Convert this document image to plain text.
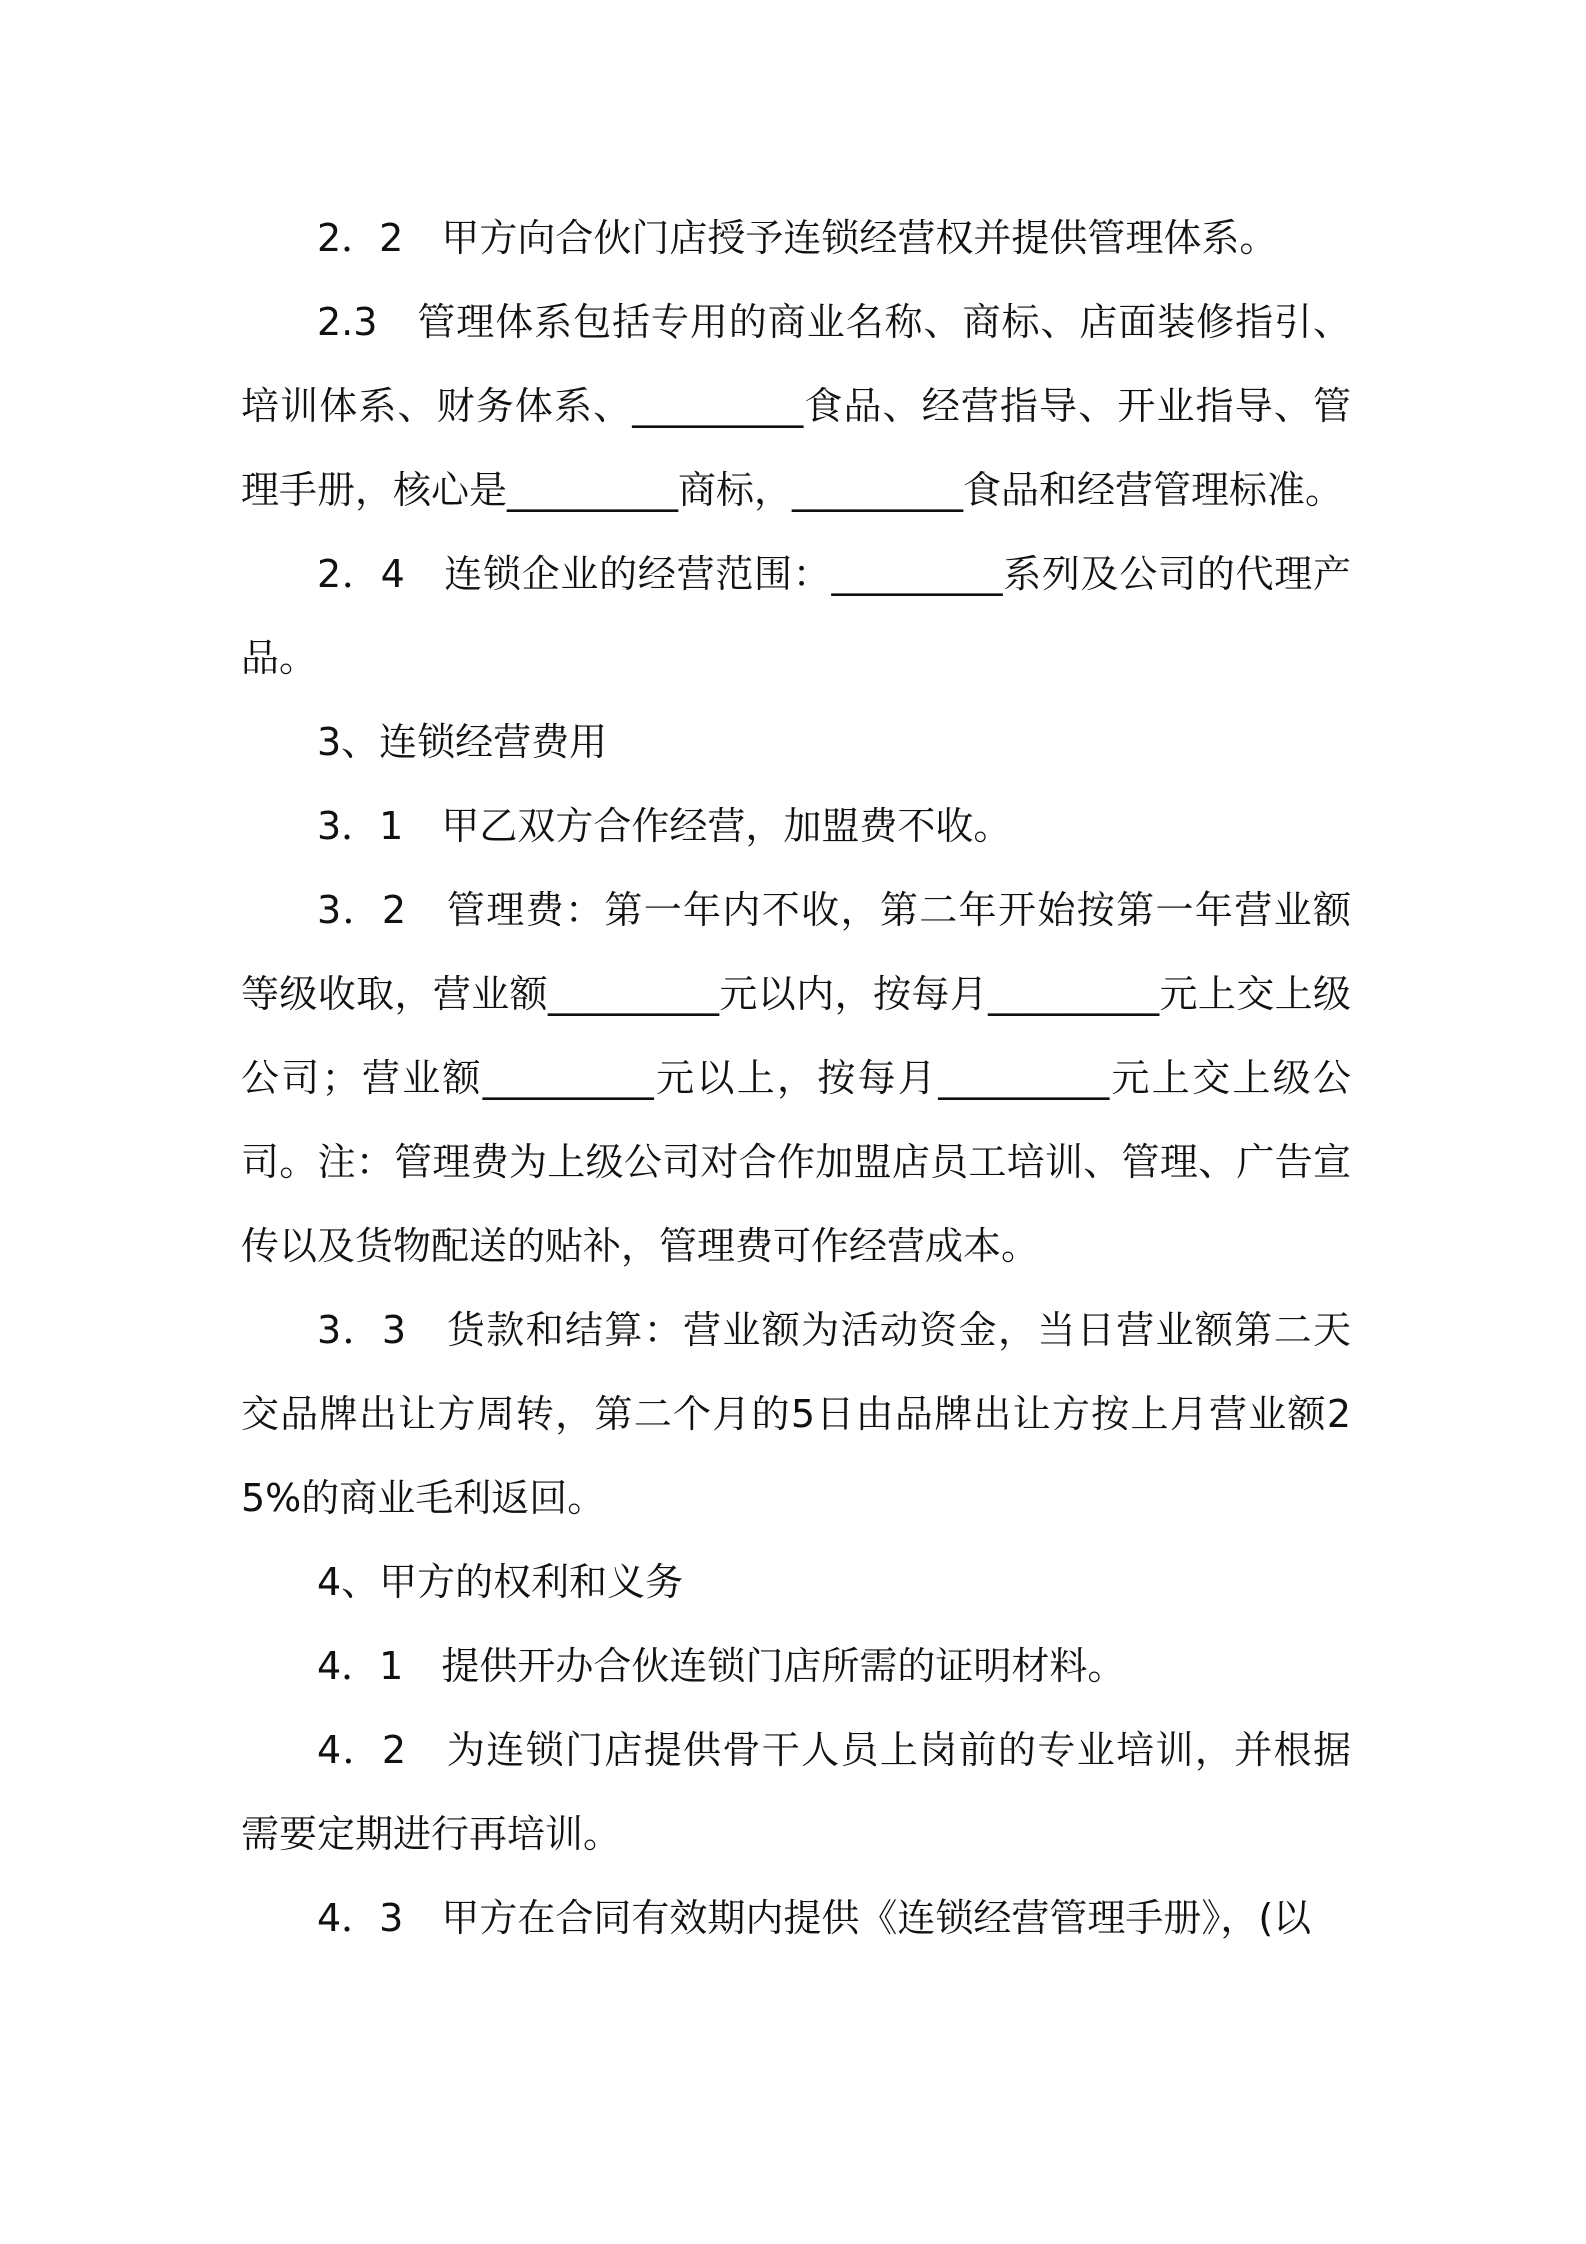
2．2　甲方向合伙门店授予连锁经营权并提供管理体系。

2.3　管理体系包括专用的商业名称、商标、店面装修指引、培训体系、财务体系、_________食品、经营指导、开业指导、管理手册，核心是_________商标，_________食品和经营管理标准。

2．4　连锁企业的经营范围：_________系列及公司的代理产品。

3、连锁经营费用

3．1　甲乙双方合作经营，加盟费不收。

3．2　管理费：第一年内不收，第二年开始按第一年营业额等级收取，营业额_________元以内，按每月_________元上交上级公司；营业额_________元以上，按每月_________元上交上级公司。注：管理费为上级公司对合作加盟店员工培训、管理、广告宣传以及货物配送的贴补，管理费可作经营成本。

3．3　货款和结算：营业额为活动资金，当日营业额第二天交品牌出让方周转，第二个月的5日由品牌出让方按上月营业额25%的商业毛利返回。

4、甲方的权利和义务

4．1　提供开办合伙连锁门店所需的证明材料。

4．2　为连锁门店提供骨干人员上岗前的专业培训，并根据需要定期进行再培训。

4．3　甲方在合同有效期内提供《连锁经营管理手册》，(以
